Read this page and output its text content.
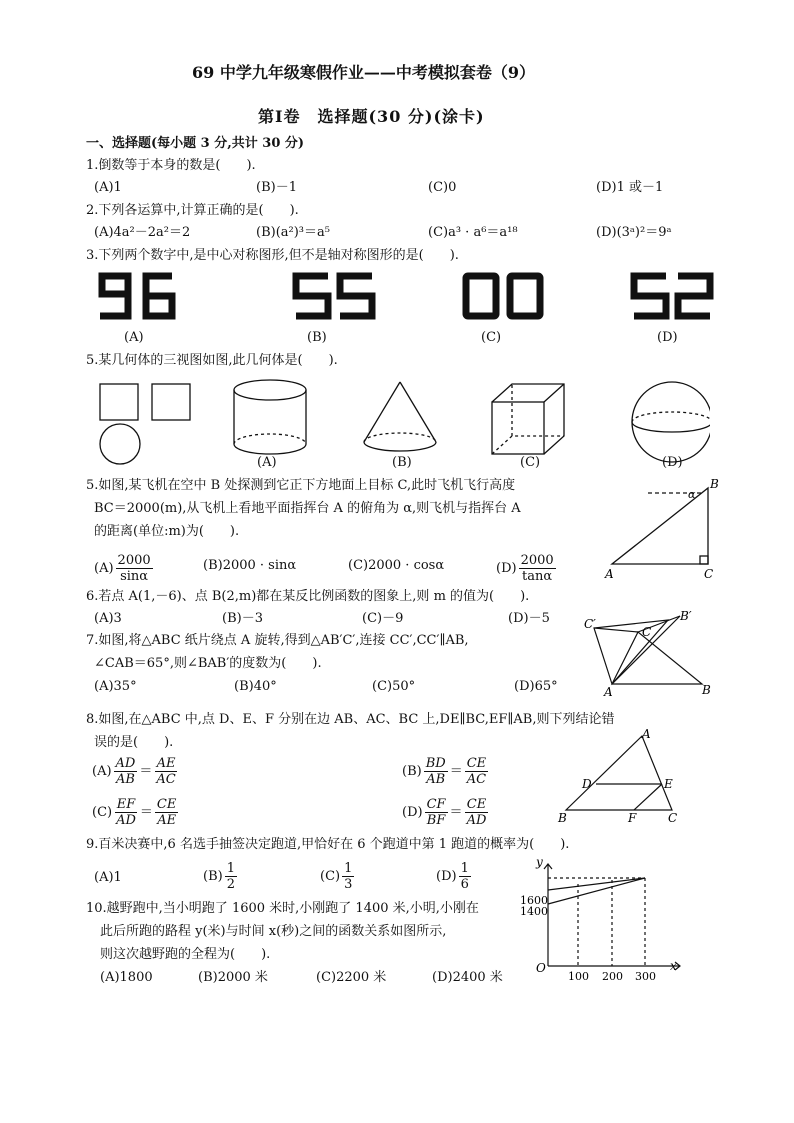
69 中学九年级寒假作业——中考模拟套卷（9）
第Ⅰ卷　选择题(30 分)(涂卡)
一、选择题(每小题 3 分,共计 30 分)
1.倒数等于本身的数是(　　).
(A)1	(B)－1	(C)0	(D)1 或－1
2.下列各运算中,计算正确的是(　　).
(A)4a²－2a²＝2	(B)(a²)³＝a⁵	(C)a³ · a⁶＝a¹⁸	(D)(3ᵃ)²＝9ᵃ
3.下列两个数字中,是中心对称图形,但不是轴对称图形的是(　　).
(A)	(B)	(C)	(D)
5.某几何体的三视图如图,此几何体是(　　).
(A)	(B)	(C)	(D)
5.如图,某飞机在空中 B 处探测到它正下方地面上目标 C,此时飞机飞行高度
BC＝2000(m),从飞机上看地平面指挥台 A 的俯角为 α,则飞机与指挥台 A
的距离(单位:m)为(　　).
$(A) \frac{2000}{\sin\alpha}$	(B)2000 · sinα	(C)2000 · cosα	$(D) \frac{2000}{\tan\alpha}$
B
A	C
α
6.若点 A(1,－6)、点 B(2,m)都在某反比例函数的图象上,则 m 的值为(　　).
(A)3	(B)－3	(C)－9	(D)－5
7.如图,将△ABC 纸片绕点 A 旋转,得到△AB′C′,连接 CC′,CC′∥AB,
∠CAB＝65°,则∠BAB′的度数为(　　).
(A)35°	(B)40°	(C)50°	(D)65°	A	B
C
C′
B′
8.如图,在△ABC 中,点 D、E、F 分别在边 AB、AC、BC 上,DE∥BC,EF∥AB,则下列结论错
误的是(　　).
$(A) \frac{AD}{AB} = \frac{AE}{AC}$	$(B) \frac{BD}{AB} = \frac{CE}{AC}$
$(C) \frac{EF}{AD} = \frac{CE}{AE}$	$(D) \frac{CF}{BF} = \frac{CE}{AD}$
A
B	C
D	E
F
9.百米决赛中,6 名选手抽签决定跑道,甲恰好在 6 个跑道中第 1 跑道的概率为(　　).
(A)1	$(B) \frac{1}{2}$	$(C) \frac{1}{3}$	$(D) \frac{1}{6}$
10.越野跑中,当小明跑了 1600 米时,小刚跑了 1400 米,小明,小刚在
此后所跑的路程 y(米)与时间 x(秒)之间的函数关系如图所示,
则这次越野跑的全程为(　　).
(A)1800	(B)2000 米	(C)2200 米	(D)2400 米
y
x
O
1600
1400
100 200 300
